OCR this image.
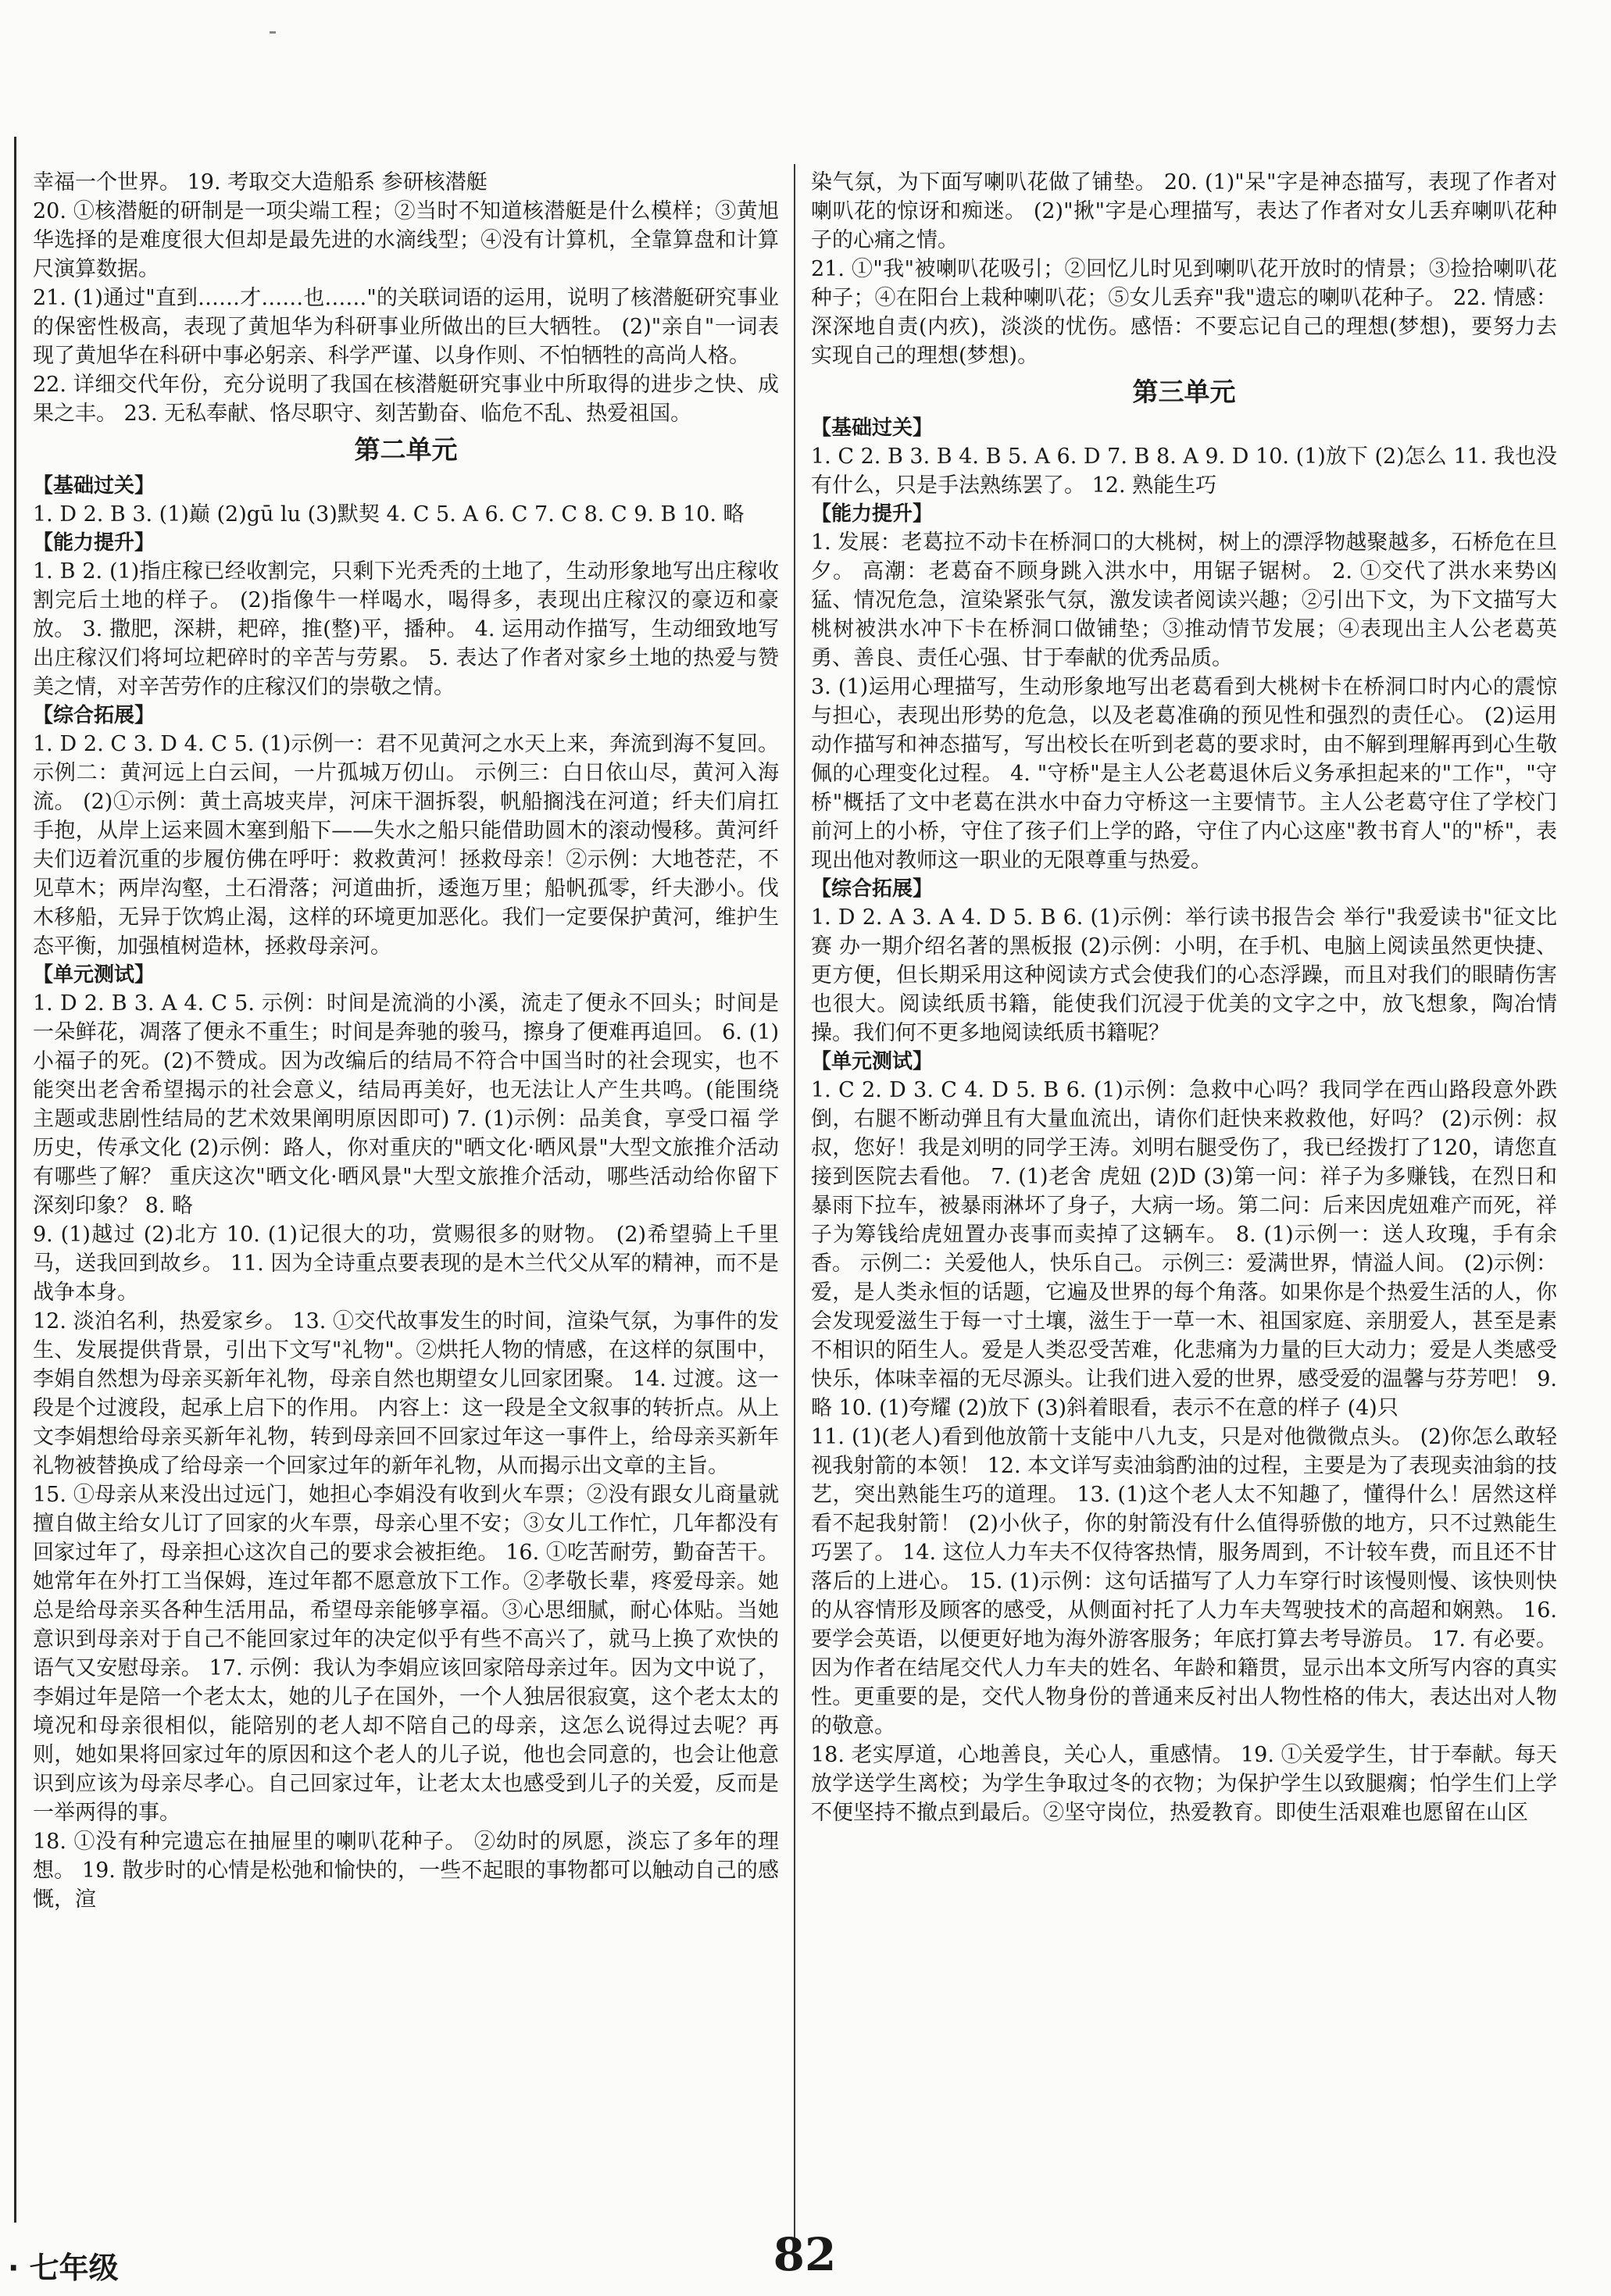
幸福一个世界。 19. 考取交大造船系 参研核潜艇
20. ①核潜艇的研制是一项尖端工程；②当时不知道核潜艇是什么模样；③黄旭华选择的是难度很大但却是最先进的水滴线型；④没有计算机，全靠算盘和计算尺演算数据。
21. (1)通过"直到……才……也……"的关联词语的运用，说明了核潜艇研究事业的保密性极高，表现了黄旭华为科研事业所做出的巨大牺牲。 (2)"亲自"一词表现了黄旭华在科研中事必躬亲、科学严谨、以身作则、不怕牺牲的高尚人格。
22. 详细交代年份，充分说明了我国在核潜艇研究事业中所取得的进步之快、成果之丰。 23. 无私奉献、恪尽职守、刻苦勤奋、临危不乱、热爱祖国。
第二单元
【基础过关】
1. D 2. B 3. (1)巅 (2)gū lu (3)默契 4. C 5. A 6. C 7. C 8. C 9. B 10. 略
【能力提升】
1. B 2. (1)指庄稼已经收割完，只剩下光秃秃的土地了，生动形象地写出庄稼收割完后土地的样子。 (2)指像牛一样喝水，喝得多，表现出庄稼汉的豪迈和豪放。 3. 撒肥，深耕，耙碎，推(整)平，播种。 4. 运用动作描写，生动细致地写出庄稼汉们将坷垃耙碎时的辛苦与劳累。 5. 表达了作者对家乡土地的热爱与赞美之情，对辛苦劳作的庄稼汉们的崇敬之情。
【综合拓展】
1. D 2. C 3. D 4. C 5. (1)示例一：君不见黄河之水天上来，奔流到海不复回。 示例二：黄河远上白云间，一片孤城万仞山。 示例三：白日依山尽，黄河入海流。 (2)①示例：黄土高坡夹岸，河床干涸拆裂，帆船搁浅在河道；纤夫们肩扛手抱，从岸上运来圆木塞到船下——失水之船只能借助圆木的滚动慢移。黄河纤夫们迈着沉重的步履仿佛在呼吁：救救黄河！拯救母亲！②示例：大地苍茫，不见草木；两岸沟壑，土石滑落；河道曲折，逶迤万里；船帆孤零，纤夫渺小。伐木移船，无异于饮鸩止渴，这样的环境更加恶化。我们一定要保护黄河，维护生态平衡，加强植树造林，拯救母亲河。
【单元测试】
1. D 2. B 3. A 4. C 5. 示例：时间是流淌的小溪，流走了便永不回头；时间是一朵鲜花，凋落了便永不重生；时间是奔驰的骏马，擦身了便难再追回。 6. (1)小福子的死。(2)不赞成。因为改编后的结局不符合中国当时的社会现实，也不能突出老舍希望揭示的社会意义，结局再美好，也无法让人产生共鸣。(能围绕主题或悲剧性结局的艺术效果阐明原因即可) 7. (1)示例：品美食，享受口福 学历史，传承文化 (2)示例：路人，你对重庆的"晒文化·晒风景"大型文旅推介活动有哪些了解？ 重庆这次"晒文化·晒风景"大型文旅推介活动，哪些活动给你留下深刻印象？ 8. 略
9. (1)越过 (2)北方 10. (1)记很大的功，赏赐很多的财物。 (2)希望骑上千里马，送我回到故乡。 11. 因为全诗重点要表现的是木兰代父从军的精神，而不是战争本身。
12. 淡泊名利，热爱家乡。 13. ①交代故事发生的时间，渲染气氛，为事件的发生、发展提供背景，引出下文写"礼物"。②烘托人物的情感，在这样的氛围中，李娟自然想为母亲买新年礼物，母亲自然也期望女儿回家团聚。 14. 过渡。这一段是个过渡段，起承上启下的作用。 内容上：这一段是全文叙事的转折点。从上文李娟想给母亲买新年礼物，转到母亲回不回家过年这一事件上，给母亲买新年礼物被替换成了给母亲一个回家过年的新年礼物，从而揭示出文章的主旨。
15. ①母亲从来没出过远门，她担心李娟没有收到火车票；②没有跟女儿商量就擅自做主给女儿订了回家的火车票，母亲心里不安；③女儿工作忙，几年都没有回家过年了，母亲担心这次自己的要求会被拒绝。 16. ①吃苦耐劳，勤奋苦干。她常年在外打工当保姆，连过年都不愿意放下工作。②孝敬长辈，疼爱母亲。她总是给母亲买各种生活用品，希望母亲能够享福。③心思细腻，耐心体贴。当她意识到母亲对于自己不能回家过年的决定似乎有些不高兴了，就马上换了欢快的语气又安慰母亲。 17. 示例：我认为李娟应该回家陪母亲过年。因为文中说了，李娟过年是陪一个老太太，她的儿子在国外，一个人独居很寂寞，这个老太太的境况和母亲很相似，能陪别的老人却不陪自己的母亲，这怎么说得过去呢？再则，她如果将回家过年的原因和这个老人的儿子说，他也会同意的，也会让他意识到应该为母亲尽孝心。自己回家过年，让老太太也感受到儿子的关爱，反而是一举两得的事。
18. ①没有种完遗忘在抽屉里的喇叭花种子。 ②幼时的夙愿，淡忘了多年的理想。 19. 散步时的心情是松弛和愉快的，一些不起眼的事物都可以触动自己的感慨，渲
染气氛，为下面写喇叭花做了铺垫。 20. (1)"呆"字是神态描写，表现了作者对喇叭花的惊讶和痴迷。 (2)"揪"字是心理描写，表达了作者对女儿丢弃喇叭花种子的心痛之情。
21. ①"我"被喇叭花吸引；②回忆儿时见到喇叭花开放时的情景；③捡拾喇叭花种子；④在阳台上栽种喇叭花；⑤女儿丢弃"我"遗忘的喇叭花种子。 22. 情感：深深地自责(内疚)，淡淡的忧伤。感悟：不要忘记自己的理想(梦想)，要努力去实现自己的理想(梦想)。
第三单元
【基础过关】
1. C 2. B 3. B 4. B 5. A 6. D 7. B 8. A 9. D 10. (1)放下 (2)怎么 11. 我也没有什么，只是手法熟练罢了。 12. 熟能生巧
【能力提升】
1. 发展：老葛拉不动卡在桥洞口的大桃树，树上的漂浮物越聚越多，石桥危在旦夕。 高潮：老葛奋不顾身跳入洪水中，用锯子锯树。 2. ①交代了洪水来势凶猛、情况危急，渲染紧张气氛，激发读者阅读兴趣；②引出下文，为下文描写大桃树被洪水冲下卡在桥洞口做铺垫；③推动情节发展；④表现出主人公老葛英勇、善良、责任心强、甘于奉献的优秀品质。
3. (1)运用心理描写，生动形象地写出老葛看到大桃树卡在桥洞口时内心的震惊与担心，表现出形势的危急，以及老葛准确的预见性和强烈的责任心。 (2)运用动作描写和神态描写，写出校长在听到老葛的要求时，由不解到理解再到心生敬佩的心理变化过程。 4. "守桥"是主人公老葛退休后义务承担起来的"工作"，"守桥"概括了文中老葛在洪水中奋力守桥这一主要情节。主人公老葛守住了学校门前河上的小桥，守住了孩子们上学的路，守住了内心这座"教书育人"的"桥"，表现出他对教师这一职业的无限尊重与热爱。
【综合拓展】
1. D 2. A 3. A 4. D 5. B 6. (1)示例：举行读书报告会 举行"我爱读书"征文比赛 办一期介绍名著的黑板报 (2)示例：小明，在手机、电脑上阅读虽然更快捷、更方便，但长期采用这种阅读方式会使我们的心态浮躁，而且对我们的眼睛伤害也很大。阅读纸质书籍，能使我们沉浸于优美的文字之中，放飞想象，陶冶情操。我们何不更多地阅读纸质书籍呢？
【单元测试】
1. C 2. D 3. C 4. D 5. B 6. (1)示例：急救中心吗？我同学在西山路段意外跌倒，右腿不断动弹且有大量血流出，请你们赶快来救救他，好吗？ (2)示例：叔叔，您好！我是刘明的同学王涛。刘明右腿受伤了，我已经拨打了120，请您直接到医院去看他。 7. (1)老舍 虎妞 (2)D (3)第一问：祥子为多赚钱，在烈日和暴雨下拉车，被暴雨淋坏了身子，大病一场。第二问：后来因虎妞难产而死，祥子为筹钱给虎妞置办丧事而卖掉了这辆车。 8. (1)示例一：送人玫瑰，手有余香。 示例二：关爱他人，快乐自己。 示例三：爱满世界，情溢人间。 (2)示例：爱，是人类永恒的话题，它遍及世界的每个角落。如果你是个热爱生活的人，你会发现爱滋生于每一寸土壤，滋生于一草一木、祖国家庭、亲朋爱人，甚至是素不相识的陌生人。爱是人类忍受苦难，化悲痛为力量的巨大动力；爱是人类感受快乐，体味幸福的无尽源头。让我们进入爱的世界，感受爱的温馨与芬芳吧！ 9. 略 10. (1)夸耀 (2)放下 (3)斜着眼看，表示不在意的样子 (4)只
11. (1)(老人)看到他放箭十支能中八九支，只是对他微微点头。 (2)你怎么敢轻视我射箭的本领！ 12. 本文详写卖油翁酌油的过程，主要是为了表现卖油翁的技艺，突出熟能生巧的道理。 13. (1)这个老人太不知趣了，懂得什么！居然这样看不起我射箭！ (2)小伙子，你的射箭没有什么值得骄傲的地方，只不过熟能生巧罢了。 14. 这位人力车夫不仅待客热情，服务周到，不计较车费，而且还不甘落后的上进心。 15. (1)示例：这句话描写了人力车穿行时该慢则慢、该快则快的从容情形及顾客的感受，从侧面衬托了人力车夫驾驶技术的高超和娴熟。 16. 要学会英语，以便更好地为海外游客服务；年底打算去考导游员。 17. 有必要。因为作者在结尾交代人力车夫的姓名、年龄和籍贯，显示出本文所写内容的真实性。更重要的是，交代人物身份的普通来反衬出人物性格的伟大，表达出对人物的敬意。
18. 老实厚道，心地善良，关心人，重感情。 19. ①关爱学生，甘于奉献。每天放学送学生离校；为学生争取过冬的衣物；为保护学生以致腿瘸；怕学生们上学不便坚持不撤点到最后。②坚守岗位，热爱教育。即使生活艰难也愿留在山区
· 七年级	82
